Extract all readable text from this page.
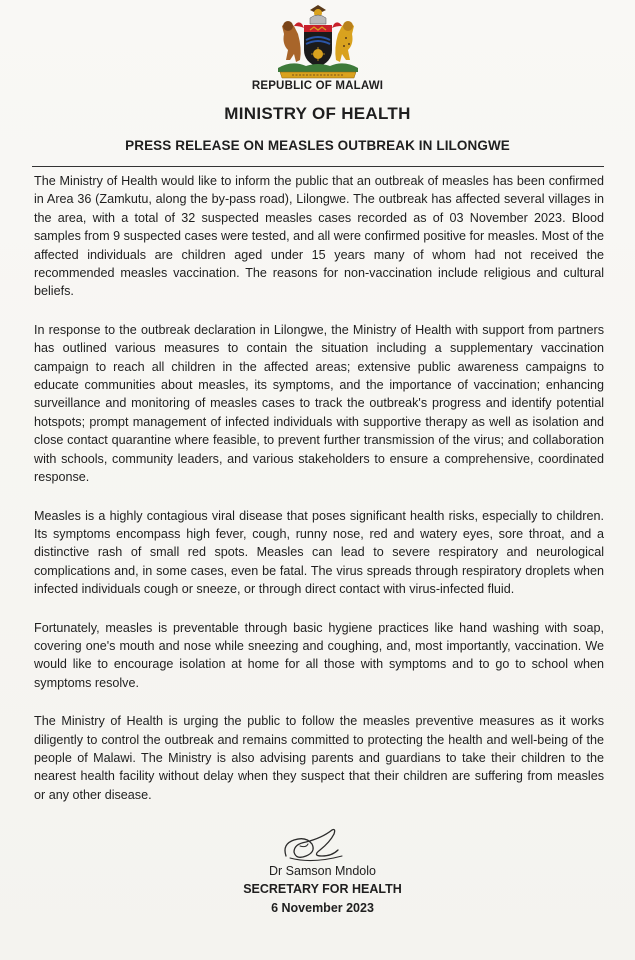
REPUBLIC OF MALAWI
MINISTRY OF HEALTH
PRESS RELEASE ON MEASLES OUTBREAK IN LILONGWE

The Ministry of Health would like to inform the public that an outbreak of measles has been confirmed in Area 36 (Zamkutu, along the by-pass road), Lilongwe. The outbreak has affected several villages in the area, with a total of 32 suspected measles cases recorded as of 03 November 2023. Blood samples from 9 suspected cases were tested, and all were confirmed positive for measles. Most of the affected individuals are children aged under 15 years many of whom had not received the recommended measles vaccination. The reasons for non-vaccination include religious and cultural beliefs.

In response to the outbreak declaration in Lilongwe, the Ministry of Health with support from partners has outlined various measures to contain the situation including a supplementary vaccination campaign to reach all children in the affected areas; extensive public awareness campaigns to educate communities about measles, its symptoms, and the importance of vaccination; enhancing surveillance and monitoring of measles cases to track the outbreak's progress and identify potential hotspots; prompt management of infected individuals with supportive therapy as well as isolation and close contact quarantine where feasible, to prevent further transmission of the virus; and collaboration with schools, community leaders, and various stakeholders to ensure a comprehensive, coordinated response.

Measles is a highly contagious viral disease that poses significant health risks, especially to children. Its symptoms encompass high fever, cough, runny nose, red and watery eyes, sore throat, and a distinctive rash of small red spots. Measles can lead to severe respiratory and neurological complications and, in some cases, even be fatal. The virus spreads through respiratory droplets when infected individuals cough or sneeze, or through direct contact with virus-infected fluid.

Fortunately, measles is preventable through basic hygiene practices like hand washing with soap, covering one's mouth and nose while sneezing and coughing, and, most importantly, vaccination. We would like to encourage isolation at home for all those with symptoms and to go to school when symptoms resolve.

The Ministry of Health is urging the public to follow the measles preventive measures as it works diligently to control the outbreak and remains committed to protecting the health and well-being of the people of Malawi. The Ministry is also advising parents and guardians to take their children to the nearest health facility without delay when they suspect that their children are suffering from measles or any other disease.

Dr Samson Mndolo
SECRETARY FOR HEALTH
6 November 2023
